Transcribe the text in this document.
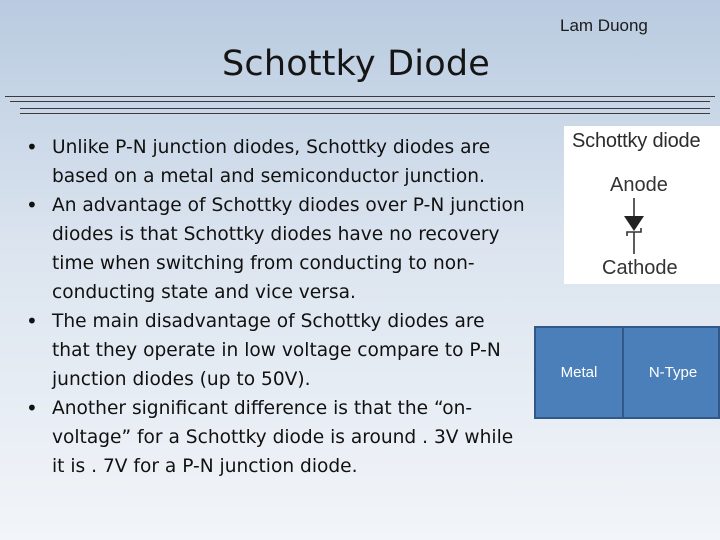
Lam Duong
Schottky Diode
• Unlike P-N junction diodes, Schottky diodes are based on a metal and semiconductor junction.
• An advantage of Schottky diodes over P-N junction diodes is that Schottky diodes have no recovery time when switching from conducting to non-conducting state and vice versa.
• The main disadvantage of Schottky diodes are that they operate in low voltage compare to P-N junction diodes (up to 50V).
• Another significant difference is that the “on-voltage” for a Schottky diode is around . 3V while it is . 7V for a P-N junction diode.
Schottky diode
Anode
Cathode
Metal	N-Type
